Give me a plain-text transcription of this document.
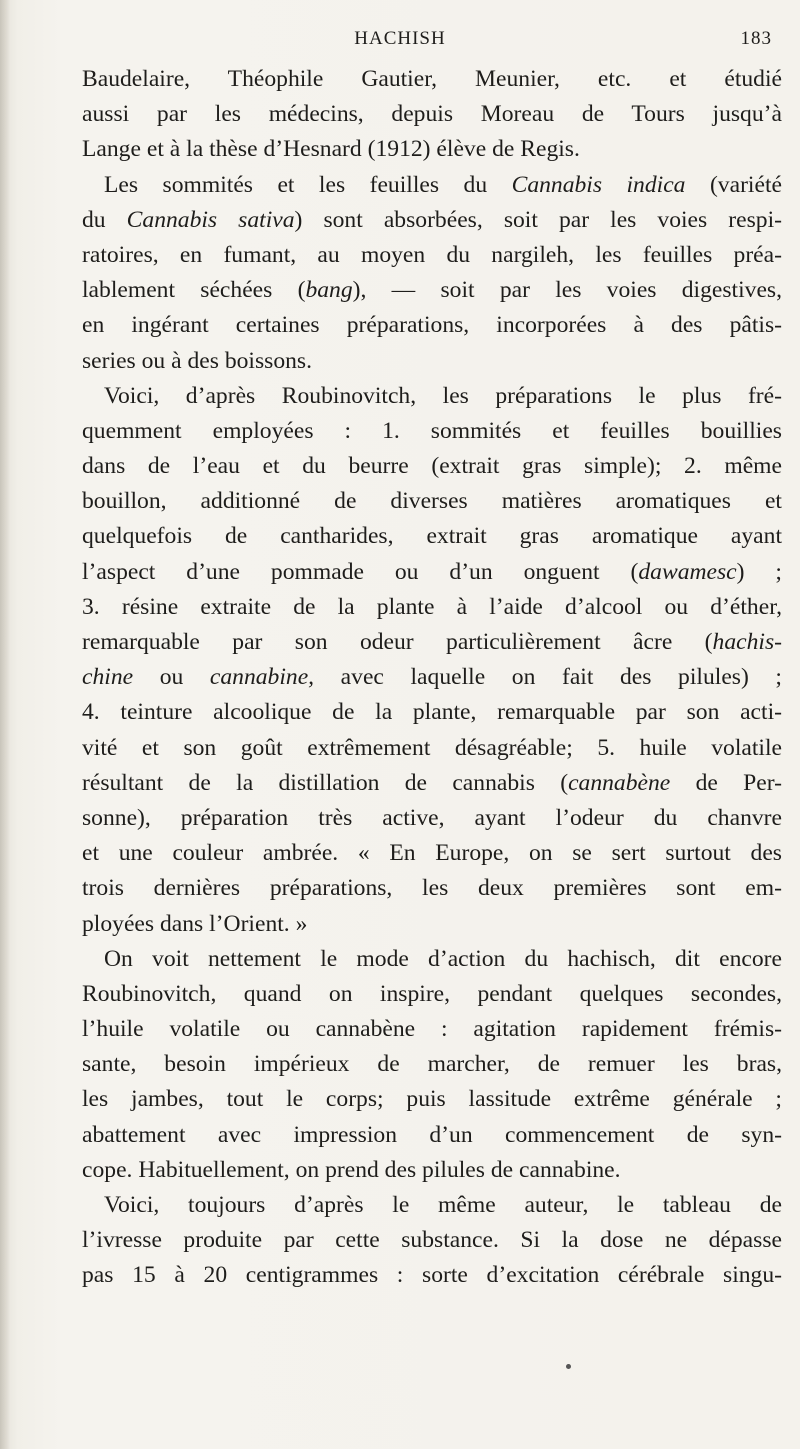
HACHISH	183
Baudelaire, Théophile Gautier, Meunier, etc. et étudié
aussi par les médecins, depuis Moreau de Tours jusqu’à
Lange et à la thèse d’Hesnard (1912) élève de Regis.
Les sommités et les feuilles du Cannabis indica (variété
du Cannabis sativa) sont absorbées, soit par les voies respi-
ratoires, en fumant, au moyen du nargileh, les feuilles préa-
lablement séchées (bang), — soit par les voies digestives,
en ingérant certaines préparations, incorporées à des pâtis-
series ou à des boissons.
Voici, d’après Roubinovitch, les préparations le plus fré-
quemment employées : 1. sommités et feuilles bouillies
dans de l’eau et du beurre (extrait gras simple); 2. même
bouillon, additionné de diverses matières aromatiques et
quelquefois de cantharides, extrait gras aromatique ayant
l’aspect d’une pommade ou d’un onguent (dawamesc) ;
3. résine extraite de la plante à l’aide d’alcool ou d’éther,
remarquable par son odeur particulièrement âcre (hachis-
chine ou cannabine, avec laquelle on fait des pilules) ;
4. teinture alcoolique de la plante, remarquable par son acti-
vité et son goût extrêmement désagréable; 5. huile volatile
résultant de la distillation de cannabis (cannabène de Per-
sonne), préparation très active, ayant l’odeur du chanvre
et une couleur ambrée. « En Europe, on se sert surtout des
trois dernières préparations, les deux premières sont em-
ployées dans l’Orient. »
On voit nettement le mode d’action du hachisch, dit encore
Roubinovitch, quand on inspire, pendant quelques secondes,
l’huile volatile ou cannabène : agitation rapidement frémis-
sante, besoin impérieux de marcher, de remuer les bras,
les jambes, tout le corps; puis lassitude extrême générale ;
abattement avec impression d’un commencement de syn-
cope. Habituellement, on prend des pilules de cannabine.
Voici, toujours d’après le même auteur, le tableau de
l’ivresse produite par cette substance. Si la dose ne dépasse
pas 15 à 20 centigrammes : sorte d’excitation cérébrale singu-
